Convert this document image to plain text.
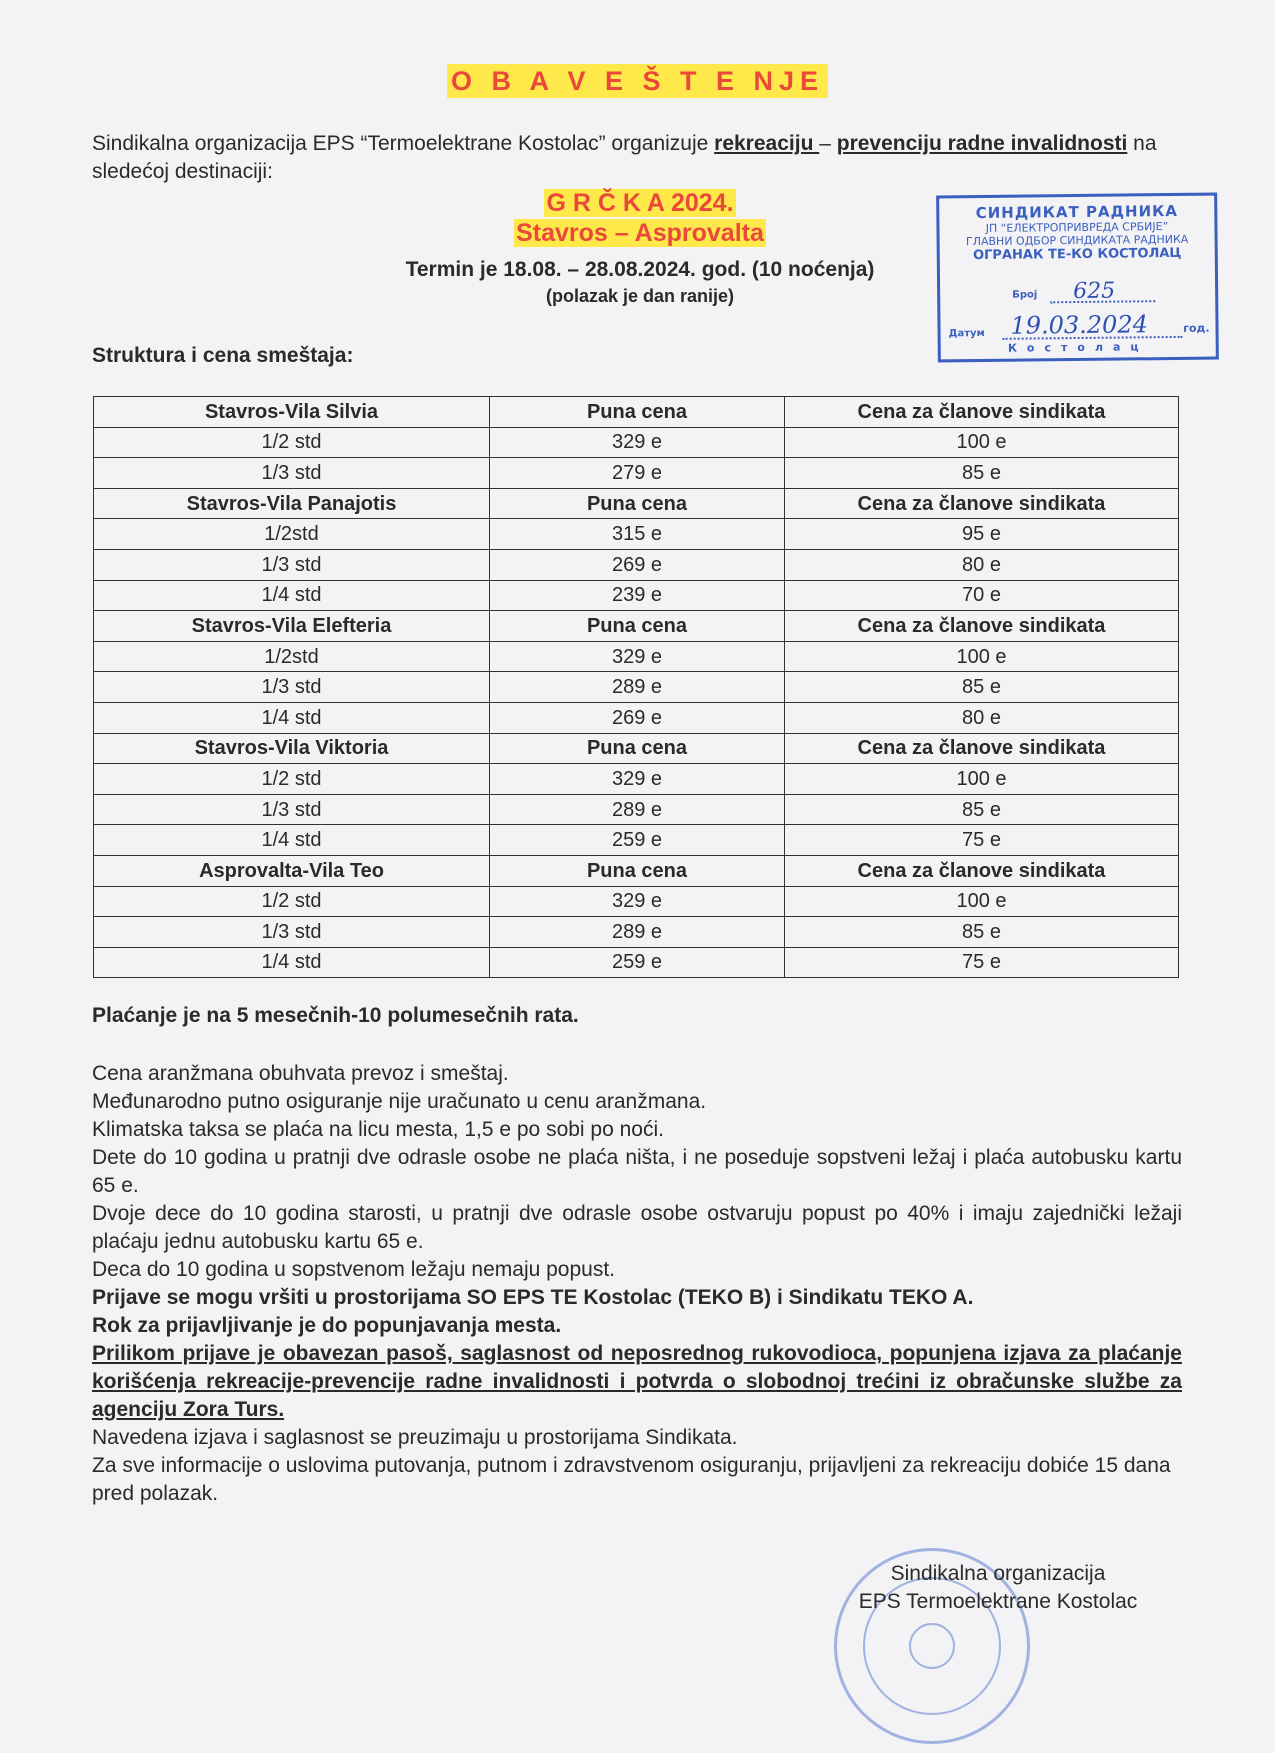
O B A V E Š T E NJE
Sindikalna organizacija EPS “Termoelektrane Kostolac” organizuje rekreaciju – prevenciju radne invalidnosti na sledećoj destinaciji:
G R Č K A 2024.
Stavros – Asprovalta
Termin je 18.08. – 28.08.2024. god. (10 noćenja)
(polazak je dan ranije)
Struktura i cena smeštaja:
СИНДИКАТ РАДНИКА
ЈП “ЕЛЕКТРОПРИВРЕДА СРБИЈЕ”
ГЛАВНИ ОДБОР СИНДИКАТА РАДНИКА
ОГРАНАК ТЕ-КО КОСТОЛАЦ
Број 625
Датум 19.03.2024	год.
Костолац
Stavros-Vila Silvia	Puna cena	Cena za članove sindikata
1/2 std	329 e	100 e
1/3 std	279 e	85 e
Stavros-Vila Panajotis	Puna cena	Cena za članove sindikata
1/2std	315 e	95 e
1/3 std	269 e	80 e
1/4 std	239 e	70 e
Stavros-Vila Elefteria	Puna cena	Cena za članove sindikata
1/2std	329 e	100 e
1/3 std	289 e	85 e
1/4 std	269 e	80 e
Stavros-Vila Viktoria	Puna cena	Cena za članove sindikata
1/2 std	329 e	100 e
1/3 std	289 e	85 e
1/4 std	259 e	75 e
Asprovalta-Vila Teo	Puna cena	Cena za članove sindikata
1/2 std	329 e	100 e
1/3 std	289 e	85 e
1/4 std	259 e	75 e
Plaćanje je na 5 mesečnih-10 polumesečnih rata.

Cena aranžmana obuhvata prevoz i smeštaj.

Međunarodno putno osiguranje nije uračunato u cenu aranžmana.

Klimatska taksa se plaća na licu mesta, 1,5 e po sobi po noći.

Dete do 10 godina u pratnji dve odrasle osobe ne plaća ništa, i ne poseduje sopstveni ležaj i plaća autobusku kartu 65 e.

Dvoje dece do 10 godina starosti, u pratnji dve odrasle osobe ostvaruju popust po 40% i imaju zajednički ležaji plaćaju jednu autobusku kartu 65 e.

Deca do 10 godina u sopstvenom ležaju nemaju popust.

Prijave se mogu vršiti u prostorijama SO EPS TE Kostolac (TEKO B) i Sindikatu TEKO A.

Rok za prijavljivanje je do popunjavanja mesta.

Prilikom prijave je obavezan pasoš, saglasnost od neposrednog rukovodioca, popunjena izjava za plaćanje korišćenja rekreacije-prevencije radne invalidnosti i potvrda o slobodnoj trećini iz obračunske službe za agenciju Zora Turs.

Navedena izjava i saglasnost se preuzimaju u prostorijama Sindikata.

Za sve informacije o uslovima putovanja, putnom i zdravstvenom osiguranju, prijavljeni za rekreaciju dobiće 15 dana pred polazak.

Sindikalna organizacija
EPS Termoelektrane Kostolac
